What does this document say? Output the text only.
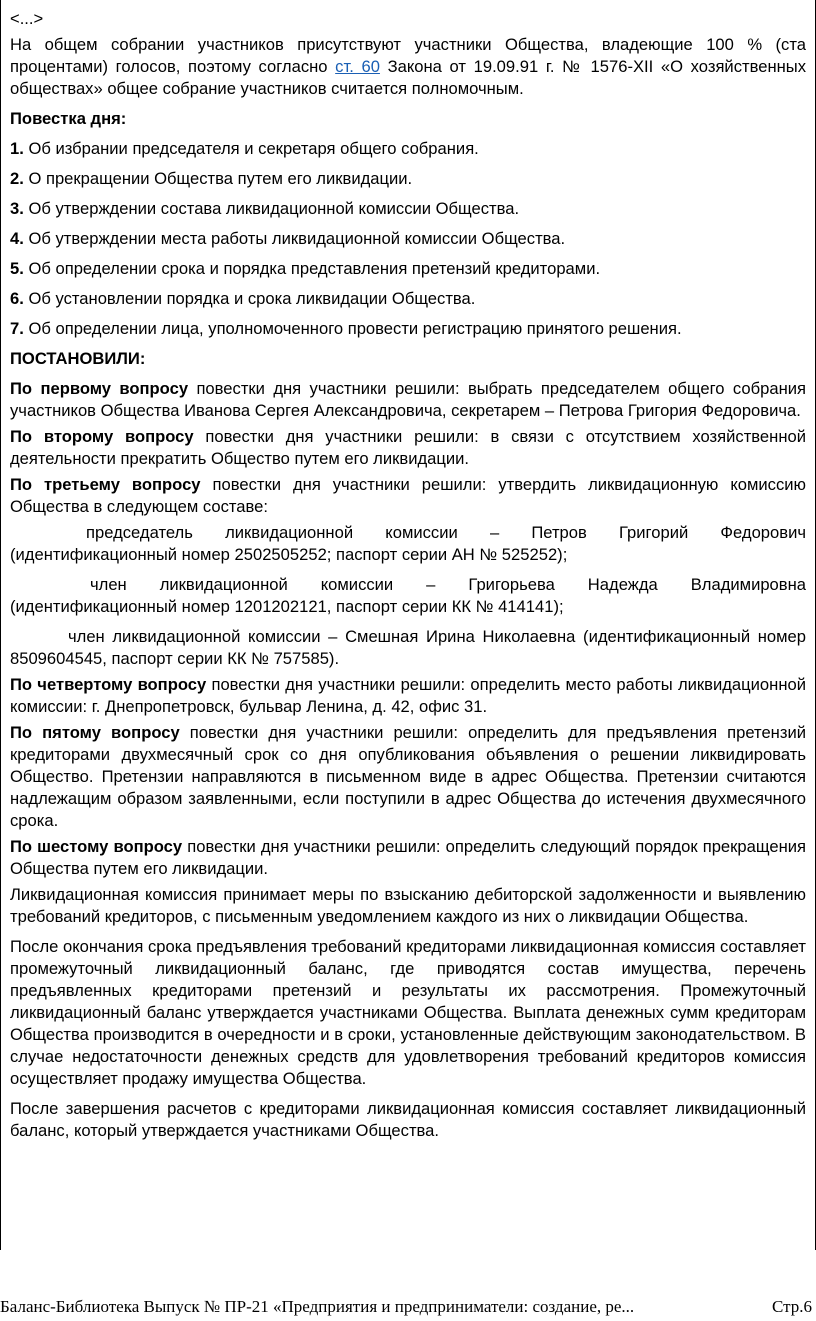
<...>

На общем собрании участников присутствуют участники Общества, владеющие 100 % (ста процентами) голосов, поэтому согласно ст. 60 Закона от 19.09.91 г. № 1576-XII «О хозяйственных обществах» общее собрание участников считается полномочным.

Повестка дня:
1. Об избрании председателя и секретаря общего собрания.
2. О прекращении Общества путем его ликвидации.
3. Об утверждении состава ликвидационной комиссии Общества.
4. Об утверждении места работы ликвидационной комиссии Общества.
5. Об определении срока и порядка представления претензий кредиторами.
6. Об установлении порядка и срока ликвидации Общества.
7. Об определении лица, уполномоченного провести регистрацию принятого решения.
ПОСТАНОВИЛИ:

По первому вопросу повестки дня участники решили: выбрать председателем общего собрания участников Общества Иванова Сергея Александровича, секретарем – Петрова Григория Федоровича.

По второму вопросу повестки дня участники решили: в связи с отсутствием хозяйственной деятельности прекратить Общество путем его ликвидации.

По третьему вопросу повестки дня участники решили: утвердить ликвидационную комиссию Общества в следующем составе:

председатель ликвидационной комиссии – Петров Григорий Федорович (идентификационный номер 2502505252; паспорт серии АН № 525252);

член ликвидационной комиссии – Григорьева Надежда Владимировна (идентификационный номер 1201202121, паспорт серии КК № 414141);

член ликвидационной комиссии – Смешная Ирина Николаевна (идентификационный номер 8509604545, паспорт серии КК № 757585).

По четвертому вопросу повестки дня участники решили: определить место работы ликвидационной комиссии: г. Днепропетровск, бульвар Ленина, д. 42, офис 31.

По пятому вопросу повестки дня участники решили: определить для предъявления претензий кредиторами двухмесячный срок со дня опубликования объявления о решении ликвидировать Общество. Претензии направляются в письменном виде в адрес Общества. Претензии считаются надлежащим образом заявленными, если поступили в адрес Общества до истечения двухмесячного срока.

По шестому вопросу повестки дня участники решили: определить следующий порядок прекращения Общества путем его ликвидации.

Ликвидационная комиссия принимает меры по взысканию дебиторской задолженности и выявлению требований кредиторов, с письменным уведомлением каждого из них о ликвидации Общества.

После окончания срока предъявления требований кредиторами ликвидационная комиссия составляет промежуточный ликвидационный баланс, где приводятся состав имущества, перечень предъявленных кредиторами претензий и результаты их рассмотрения. Промежуточный ликвидационный баланс утверждается участниками Общества. Выплата денежных сумм кредиторам Общества производится в очередности и в сроки, установленные действующим законодательством. В случае недостаточности денежных средств для удовлетворения требований кредиторов комиссия осуществляет продажу имущества Общества.

После завершения расчетов с кредиторами ликвидационная комиссия составляет ликвидационный баланс, который утверждается участниками Общества.

Баланс-Библиотека Выпуск № ПР-21 «Предприятия и предприниматели: создание, ре...	Стр.6
